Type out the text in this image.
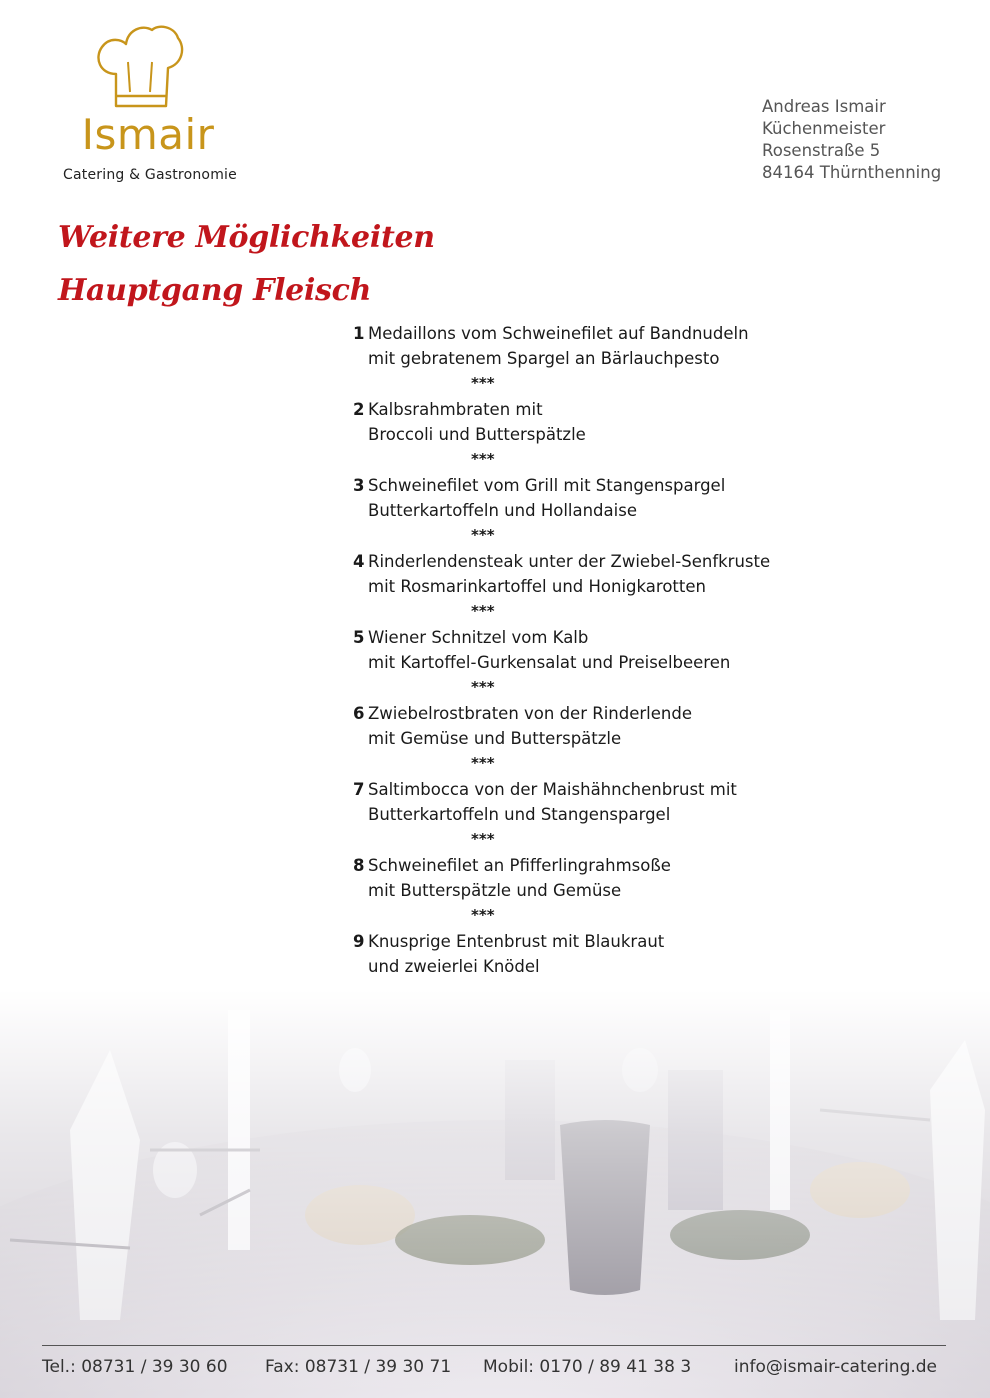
Ismair
Catering & Gastronomie
Andreas Ismair
Küchenmeister
Rosenstraße 5
84164 Thürnthenning
Weitere Möglichkeiten
Hauptgang Fleisch
1 Medaillons vom Schweinefilet auf Bandnudeln
mit gebratenem Spargel an Bärlauchpesto
***
2 Kalbsrahmbraten mit
Broccoli und Butterspätzle
***
3 Schweinefilet vom Grill mit Stangenspargel
Butterkartoffeln und Hollandaise
***
4 Rinderlendensteak unter der Zwiebel-Senfkruste
mit Rosmarinkartoffel und Honigkarotten
***
5 Wiener Schnitzel vom Kalb
mit Kartoffel-Gurkensalat und Preiselbeeren
***
6 Zwiebelrostbraten von der Rinderlende
mit Gemüse und Butterspätzle
***
7 Saltimbocca von der Maishähnchenbrust mit
Butterkartoffeln und Stangenspargel
***
8 Schweinefilet an Pfifferlingrahmsoße
mit Butterspätzle und Gemüse
***
9 Knusprige Entenbrust mit Blaukraut
und zweierlei Knödel
Tel.: 08731 / 39 30 60 Fax: 08731 / 39 30 71 Mobil: 0170 / 89 41 38 3	info@ismair-catering.de
